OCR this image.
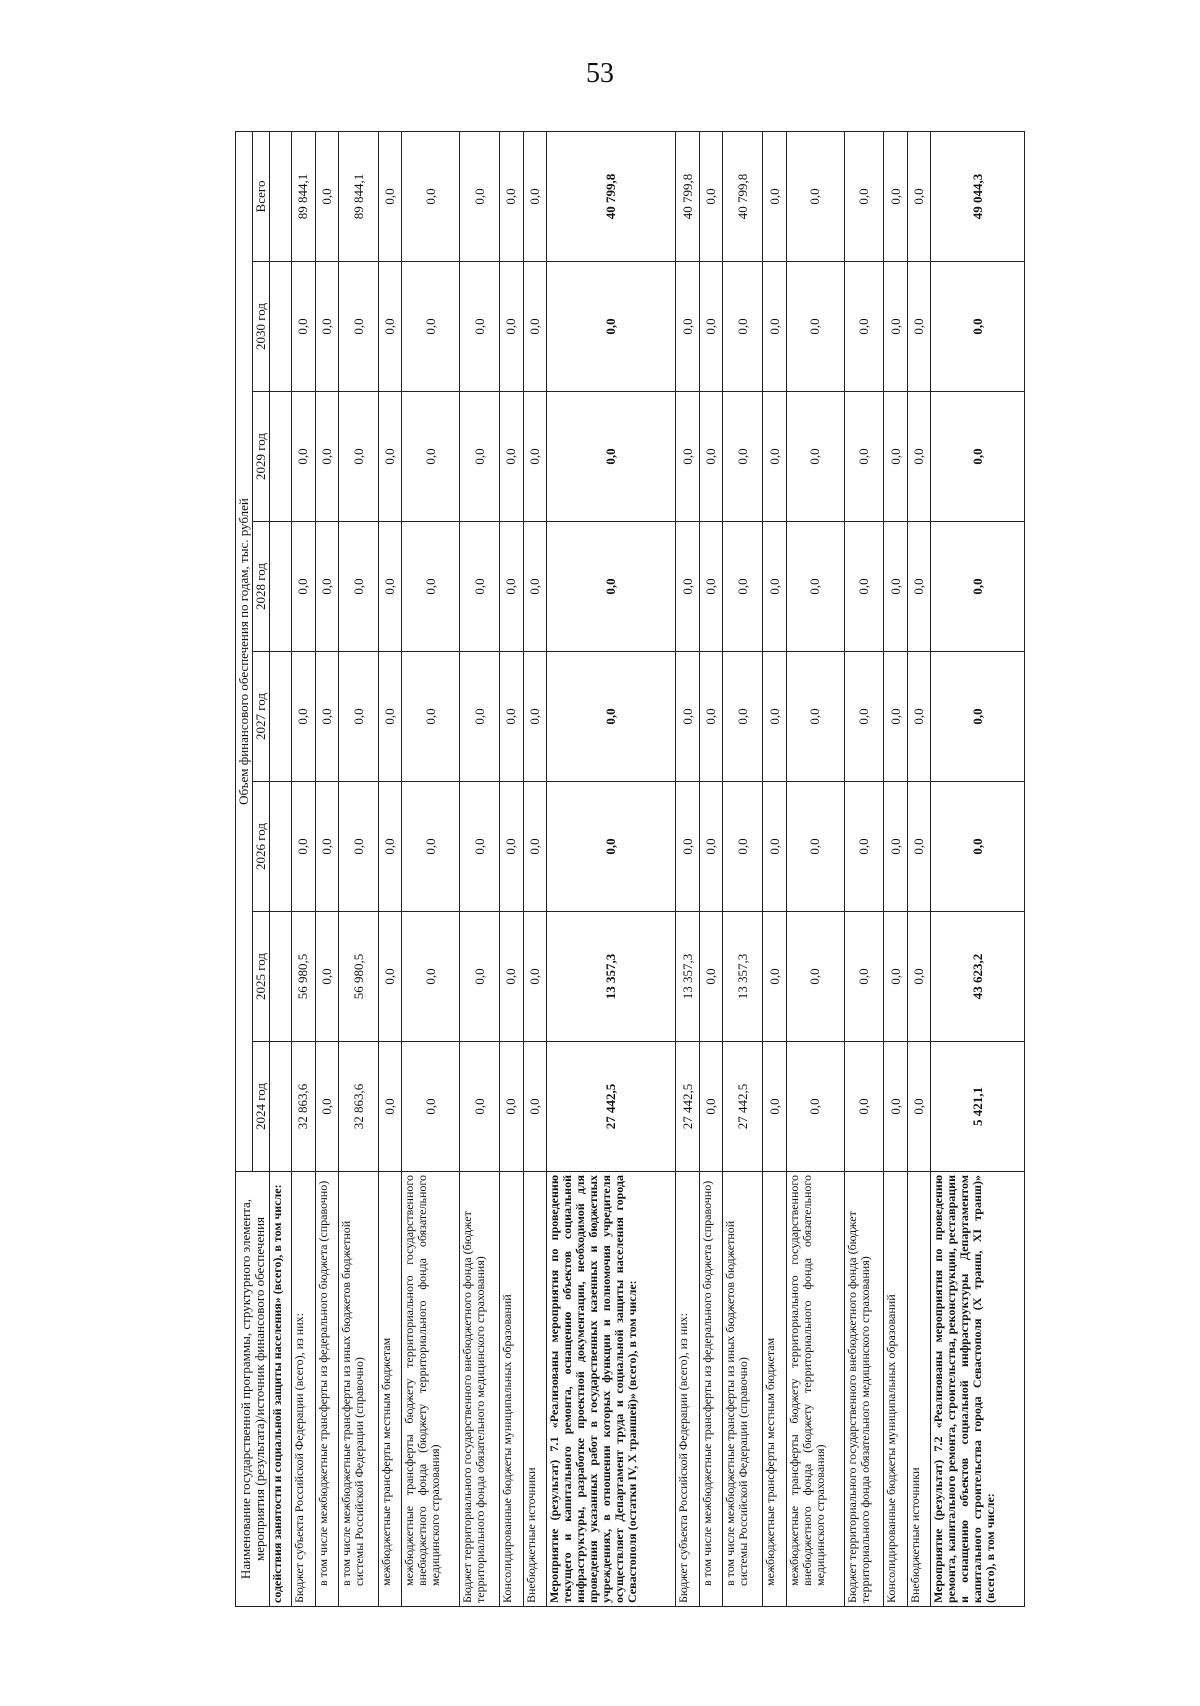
53
Наименование государственной программы, структурного элемента, мероприятия (результата)/источник финансового обеспечения	Объем финансового обеспечения по годам, тыс. рублей							
	2024 год	2025 год	2026 год	2027 год	2028 год	2029 год	2030 год	Всего
содействия занятости и социальной защиты населения» (всего), в том числе:								
Бюджет субъекта Российской Федерации (всего), из них:	32 863,6	56 980,5	0,0	0,0	0,0	0,0	0,0	89 844,1
в том числе межбюджетные трансферты из федерального бюджета (справочно)	0,0	0,0	0,0	0,0	0,0	0,0	0,0	0,0
в том числе межбюджетные трансферты из иных бюджетов бюджетной системы Российской Федерации (справочно)	32 863,6	56 980,5	0,0	0,0	0,0	0,0	0,0	89 844,1
межбюджетные трансферты местным бюджетам	0,0	0,0	0,0	0,0	0,0	0,0	0,0	0,0
межбюджетные трансферты бюджету территориального государственного внебюджетного фонда (бюджету территориального фонда обязательного медицинского страхования)	0,0	0,0	0,0	0,0	0,0	0,0	0,0	0,0
Бюджет территориального государственного внебюджетного фонда (бюджет территориального фонда обязательного медицинского страхования)	0,0	0,0	0,0	0,0	0,0	0,0	0,0	0,0
Консолидированные бюджеты муниципальных образований	0,0	0,0	0,0	0,0	0,0	0,0	0,0	0,0
Внебюджетные источники	0,0	0,0	0,0	0,0	0,0	0,0	0,0	0,0
Мероприятие (результат) 7.1 «Реализованы мероприятия по проведению текущего и капитального ремонта, оснащению объектов социальной инфраструктуры, разработке проектной документации, необходимой для проведения указанных работ в государственных казенных и бюджетных учреждениях, в отношении которых функции и полномочия учредителя осуществляет Департамент труда и социальной защиты населения города Севастополя (остатки IV, X траншей)» (всего), в том числе:	27 442,5	13 357,3	0,0	0,0	0,0	0,0	0,0	40 799,8
Бюджет субъекта Российской Федерации (всего), из них:	27 442,5	13 357,3	0,0	0,0	0,0	0,0	0,0	40 799,8
в том числе межбюджетные трансферты из федерального бюджета (справочно)	0,0	0,0	0,0	0,0	0,0	0,0	0,0	0,0
в том числе межбюджетные трансферты из иных бюджетов бюджетной системы Российской Федерации (справочно)	27 442,5	13 357,3	0,0	0,0	0,0	0,0	0,0	40 799,8
межбюджетные трансферты местным бюджетам	0,0	0,0	0,0	0,0	0,0	0,0	0,0	0,0
межбюджетные трансферты бюджету территориального государственного внебюджетного фонда (бюджету территориального фонда обязательного медицинского страхования)	0,0	0,0	0,0	0,0	0,0	0,0	0,0	0,0
Бюджет территориального государственного внебюджетного фонда (бюджет территориального фонда обязательного медицинского страхования)	0,0	0,0	0,0	0,0	0,0	0,0	0,0	0,0
Консолидированные бюджеты муниципальных образований	0,0	0,0	0,0	0,0	0,0	0,0	0,0	0,0
Внебюджетные источники	0,0	0,0	0,0	0,0	0,0	0,0	0,0	0,0
Мероприятие (результат) 7.2 «Реализованы мероприятия по проведению ремонта, капитального ремонта, строительства, реконструкции, реставрации и оснащению объектов социальной инфраструктуры Департаментом капитального строительства города Севастополя (X транш, XI транш)» (всего), в том числе:	5 421,1	43 623,2	0,0	0,0	0,0	0,0	0,0	49 044,3
